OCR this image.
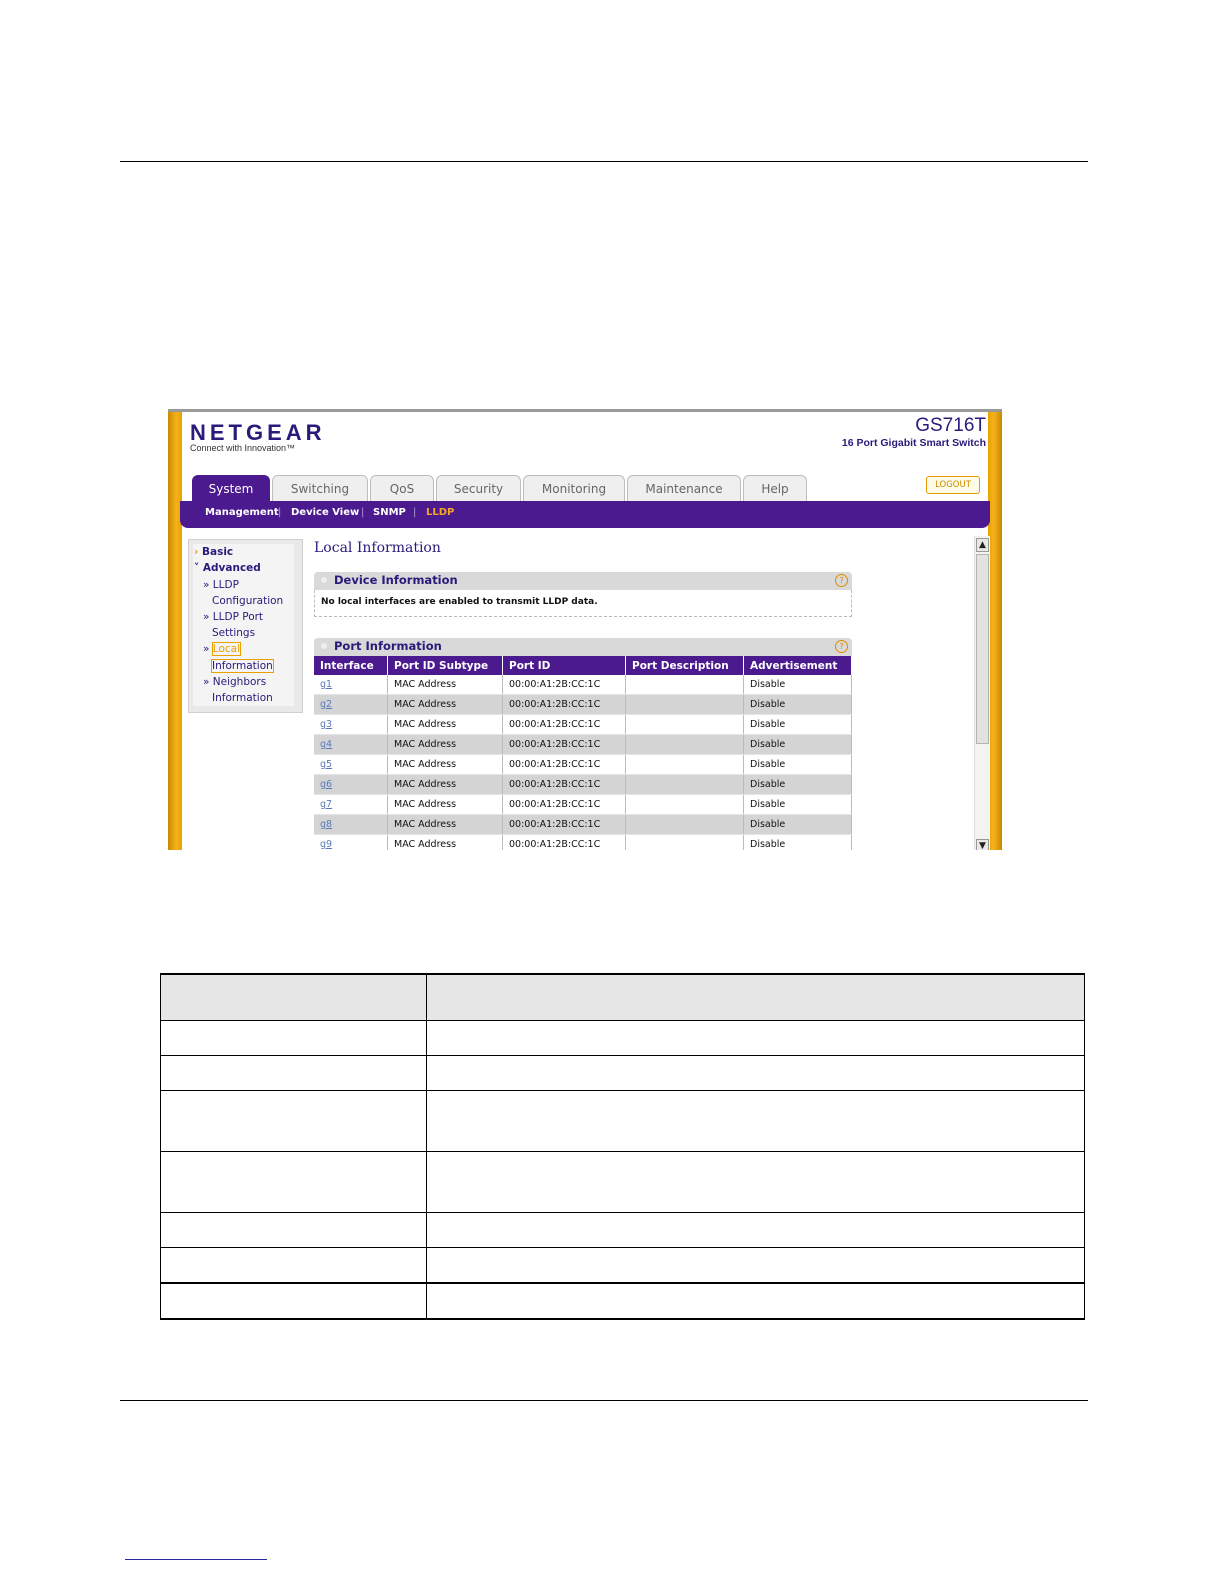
NETGEAR
Connect with Innovation™
GS716T
16 Port Gigabit Smart Switch
System	Switching	QoS	Security	Monitoring	Maintenance	Help	LOGOUT
Management | Device View | SNMP | LLDP
› Basic
˅ Advanced
» LLDP
Configuration
» LLDP Port
Settings
» Local
Information
» Neighbors
Information
Local Information
Device Information	?
No local interfaces are enabled to transmit LLDP data.
Port Information	?
Interface	Port ID Subtype	Port ID	Port Description	Advertisement
g1	MAC Address	00:00:A1:2B:CC:1C		Disable
g2	MAC Address	00:00:A1:2B:CC:1C		Disable
g3	MAC Address	00:00:A1:2B:CC:1C		Disable
g4	MAC Address	00:00:A1:2B:CC:1C		Disable
g5	MAC Address	00:00:A1:2B:CC:1C		Disable
g6	MAC Address	00:00:A1:2B:CC:1C		Disable
g7	MAC Address	00:00:A1:2B:CC:1C		Disable
g8	MAC Address	00:00:A1:2B:CC:1C		Disable
g9	MAC Address	00:00:A1:2B:CC:1C		Disable
▲
▼
